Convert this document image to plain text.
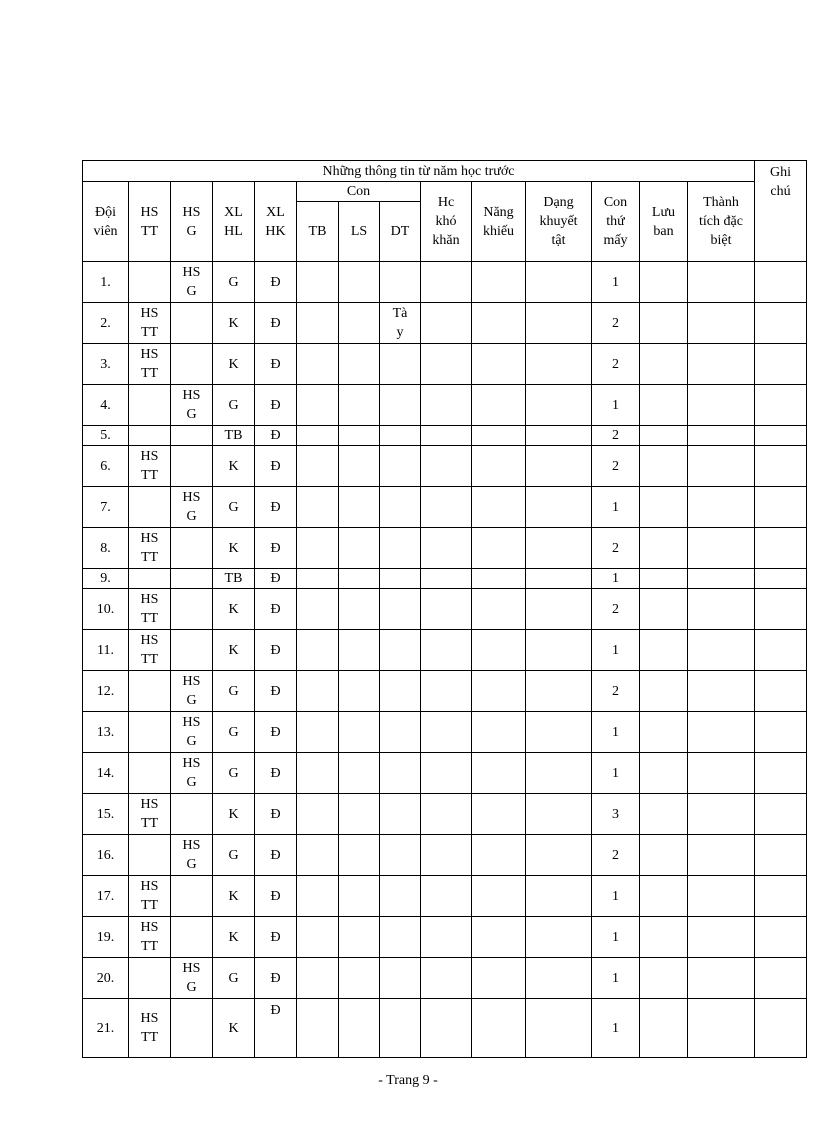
Những thông tin từ năm học trước														Ghi chú

Đội viên	HS TT	HS G	XL HL	XL HK	Con			Hc khó khăn	Năng khiếu	Dạng khuyết tật	Con thứ mấy	Lưu ban	Thành tích đặc biệt	

					TB	LS	DT							

1.		HS G	G	Đ							1			
2.	HS TT		K	Đ			Tà y				2			
3.	HS TT		K	Đ							2			
4.		HS G	G	Đ							1			
5.			TB	Đ							2			
6.	HS TT		K	Đ							2			
7.		HS G	G	Đ							1			
8.	HS TT		K	Đ							2			
9.			TB	Đ							1			
10.	HS TT		K	Đ							2			
11.	HS TT		K	Đ							1			
12.		HS G	G	Đ							2			
13.		HS G	G	Đ							1			
14.		HS G	G	Đ							1			
15.	HS TT		K	Đ							3			
16.		HS G	G	Đ							2			
17.	HS TT		K	Đ							1			
19.	HS TT		K	Đ							1			
20.		HS G	G	Đ							1			
21.	HS TT		K	Đ							1			
- Trang 9 -
